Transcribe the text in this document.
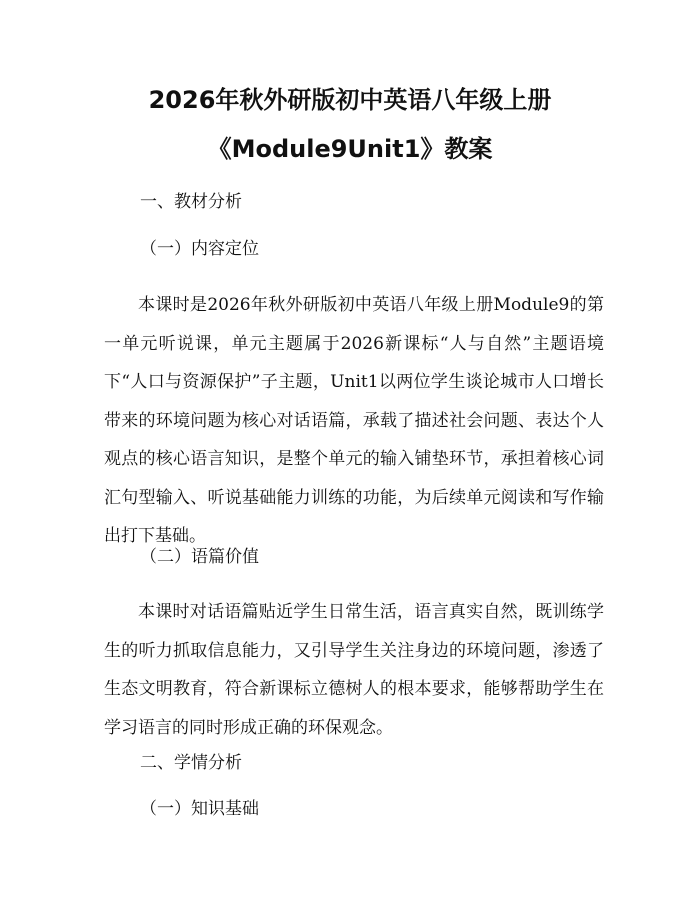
2026年秋外研版初中英语八年级上册
《Module9Unit1》教案
一、教材分析
（一）内容定位
本课时是2026年秋外研版初中英语八年级上册Module9的第一单元听说课，单元主题属于2026新课标“人与自然”主题语境下“人口与资源保护”子主题，Unit1以两位学生谈论城市人口增长带来的环境问题为核心对话语篇，承载了描述社会问题、表达个人观点的核心语言知识，是整个单元的输入铺垫环节，承担着核心词汇句型输入、听说基础能力训练的功能，为后续单元阅读和写作输出打下基础。
（二）语篇价值
本课时对话语篇贴近学生日常生活，语言真实自然，既训练学生的听力抓取信息能力，又引导学生关注身边的环境问题，渗透了生态文明教育，符合新课标立德树人的根本要求，能够帮助学生在学习语言的同时形成正确的环保观念。
二、学情分析
（一）知识基础
